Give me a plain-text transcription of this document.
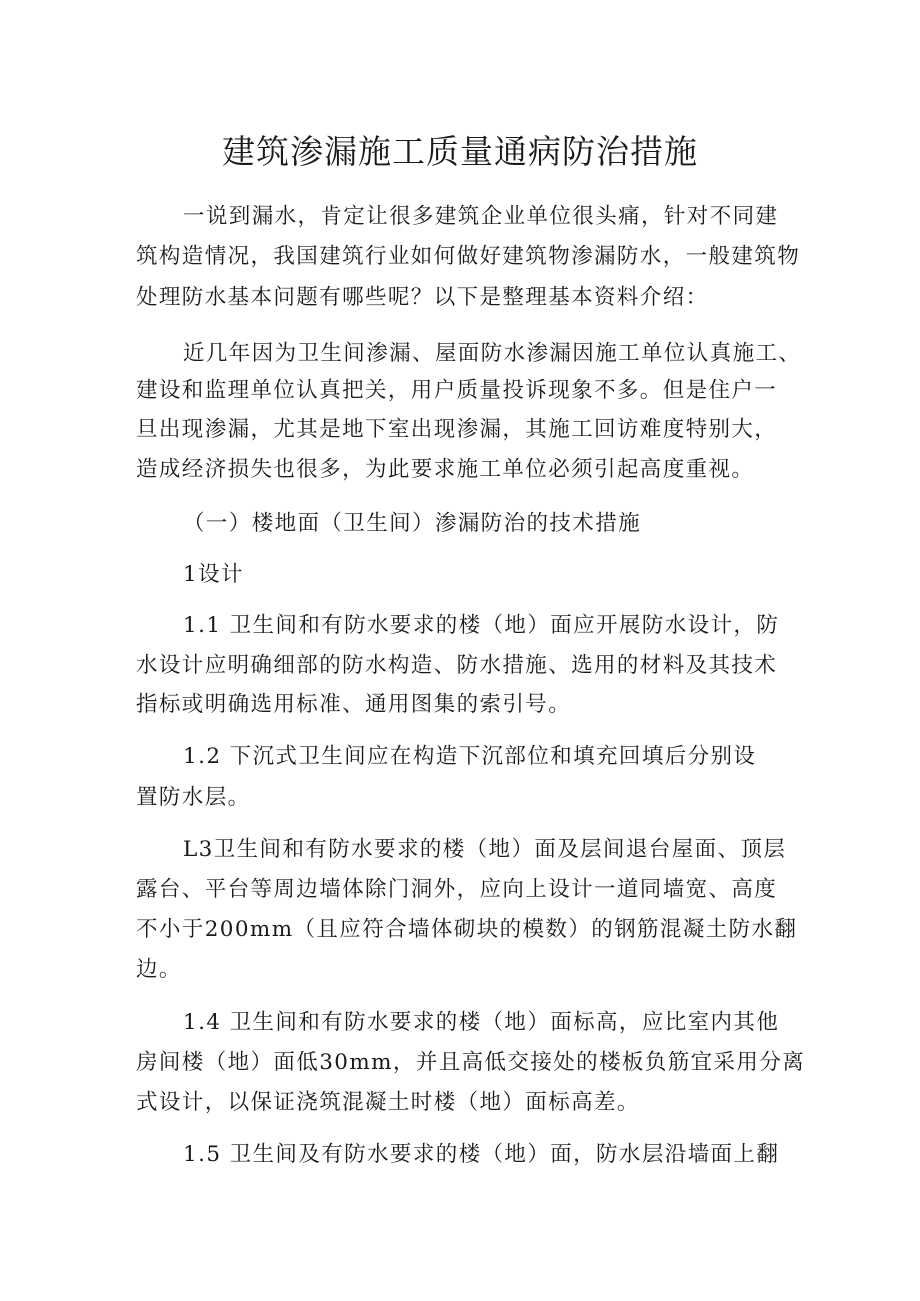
建筑渗漏施工质量通病防治措施

一说到漏水，肯定让很多建筑企业单位很头痛，针对不同建

筑构造情况，我国建筑行业如何做好建筑物渗漏防水，一般建筑物

处理防水基本问题有哪些呢？以下是整理基本资料介绍：

近几年因为卫生间渗漏、屋面防水渗漏因施工单位认真施工、

建设和监理单位认真把关，用户质量投诉现象不多。但是住户一

旦出现渗漏，尤其是地下室出现渗漏，其施工回访难度特别大，

造成经济损失也很多，为此要求施工单位必须引起高度重视。

（一）楼地面（卫生间）渗漏防治的技术措施

1设计

1.1 卫生间和有防水要求的楼（地）面应开展防水设计，防

水设计应明确细部的防水构造、防水措施、选用的材料及其技术

指标或明确选用标准、通用图集的索引号。

1.2 下沉式卫生间应在构造下沉部位和填充回填后分别设

置防水层。

L3卫生间和有防水要求的楼（地）面及层间退台屋面、顶层

露台、平台等周边墙体除门洞外，应向上设计一道同墙宽、高度

不小于200mm（且应符合墙体砌块的模数）的钢筋混凝土防水翻

边。

1.4 卫生间和有防水要求的楼（地）面标高，应比室内其他

房间楼（地）面低30mm，并且高低交接处的楼板负筋宜采用分离

式设计，以保证浇筑混凝土时楼（地）面标高差。

1.5 卫生间及有防水要求的楼（地）面，防水层沿墙面上翻
